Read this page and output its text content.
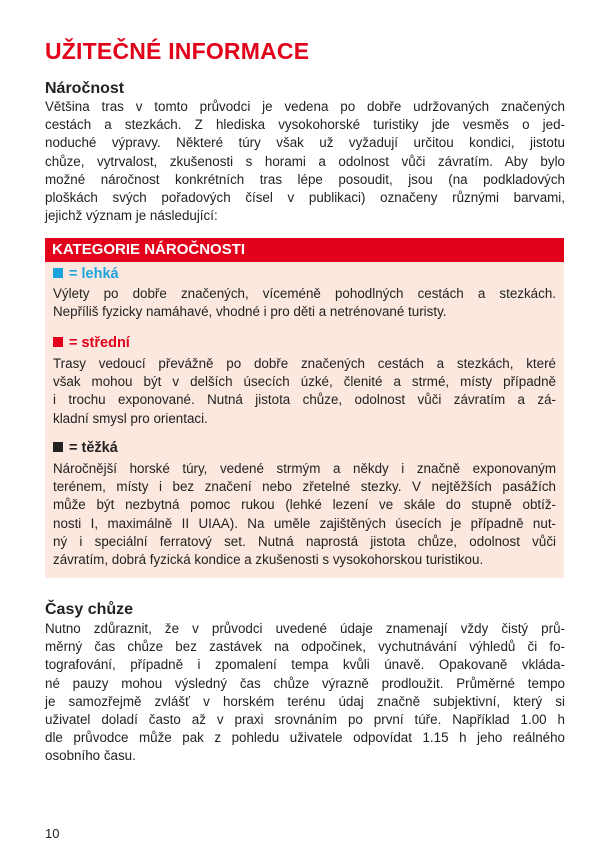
UŽITEČNÉ INFORMACE
Náročnost
Většina tras v tomto průvodci je vedena po dobře udržovaných značených
cestách a stezkách. Z hlediska vysokohorské turistiky jde vesměs o jed-
noduché výpravy. Některé túry však už vyžadují určitou kondici, jistotu
chůze, vytrvalost, zkušenosti s horami a odolnost vůči závratím. Aby bylo
možné náročnost konkrétních tras lépe posoudit, jsou (na podkladových
ploškách svých pořadových čísel v publikaci) označeny různými barvami,
jejichž význam je následující:
KATEGORIE NÁROČNOSTI
= lehká
Výlety po dobře značených, víceméně pohodlných cestách a stezkách.
Nepříliš fyzicky namáhavé, vhodné i pro děti a netrénované turisty.
= střední
Trasy vedoucí převážně po dobře značených cestách a stezkách, které
však mohou být v delších úsecích úzké, členité a strmé, místy případně
i trochu exponované. Nutná jistota chůze, odolnost vůči závratím a zá-
kladní smysl pro orientaci.
= těžká
Náročnější horské túry, vedené strmým a někdy i značně exponovaným
terénem, místy i bez značení nebo zřetelné stezky. V nejtěžších pasážích
může být nezbytná pomoc rukou (lehké lezení ve skále do stupně obtíž-
nosti I, maximálně II UIAA). Na uměle zajištěných úsecích je případně nut-
ný i speciální ferratový set. Nutná naprostá jistota chůze, odolnost vůči
závratím, dobrá fyzická kondice a zkušenosti s vysokohorskou turistikou.
Časy chůze
Nutno zdůraznit, že v průvodci uvedené údaje znamenají vždy čistý prů-
měrný čas chůze bez zastávek na odpočinek, vychutnávání výhledů či fo-
tografování, případně i zpomalení tempa kvůli únavě. Opakovaně vkláda-
né pauzy mohou výsledný čas chůze výrazně prodloužit. Průměrné tempo
je samozřejmě zvlášť v horském terénu údaj značně subjektivní, který si
uživatel doladí často až v praxi srovnáním po první túře. Například 1.00 h
dle průvodce může pak z pohledu uživatele odpovídat 1.15 h jeho reálného
osobního času.
10
